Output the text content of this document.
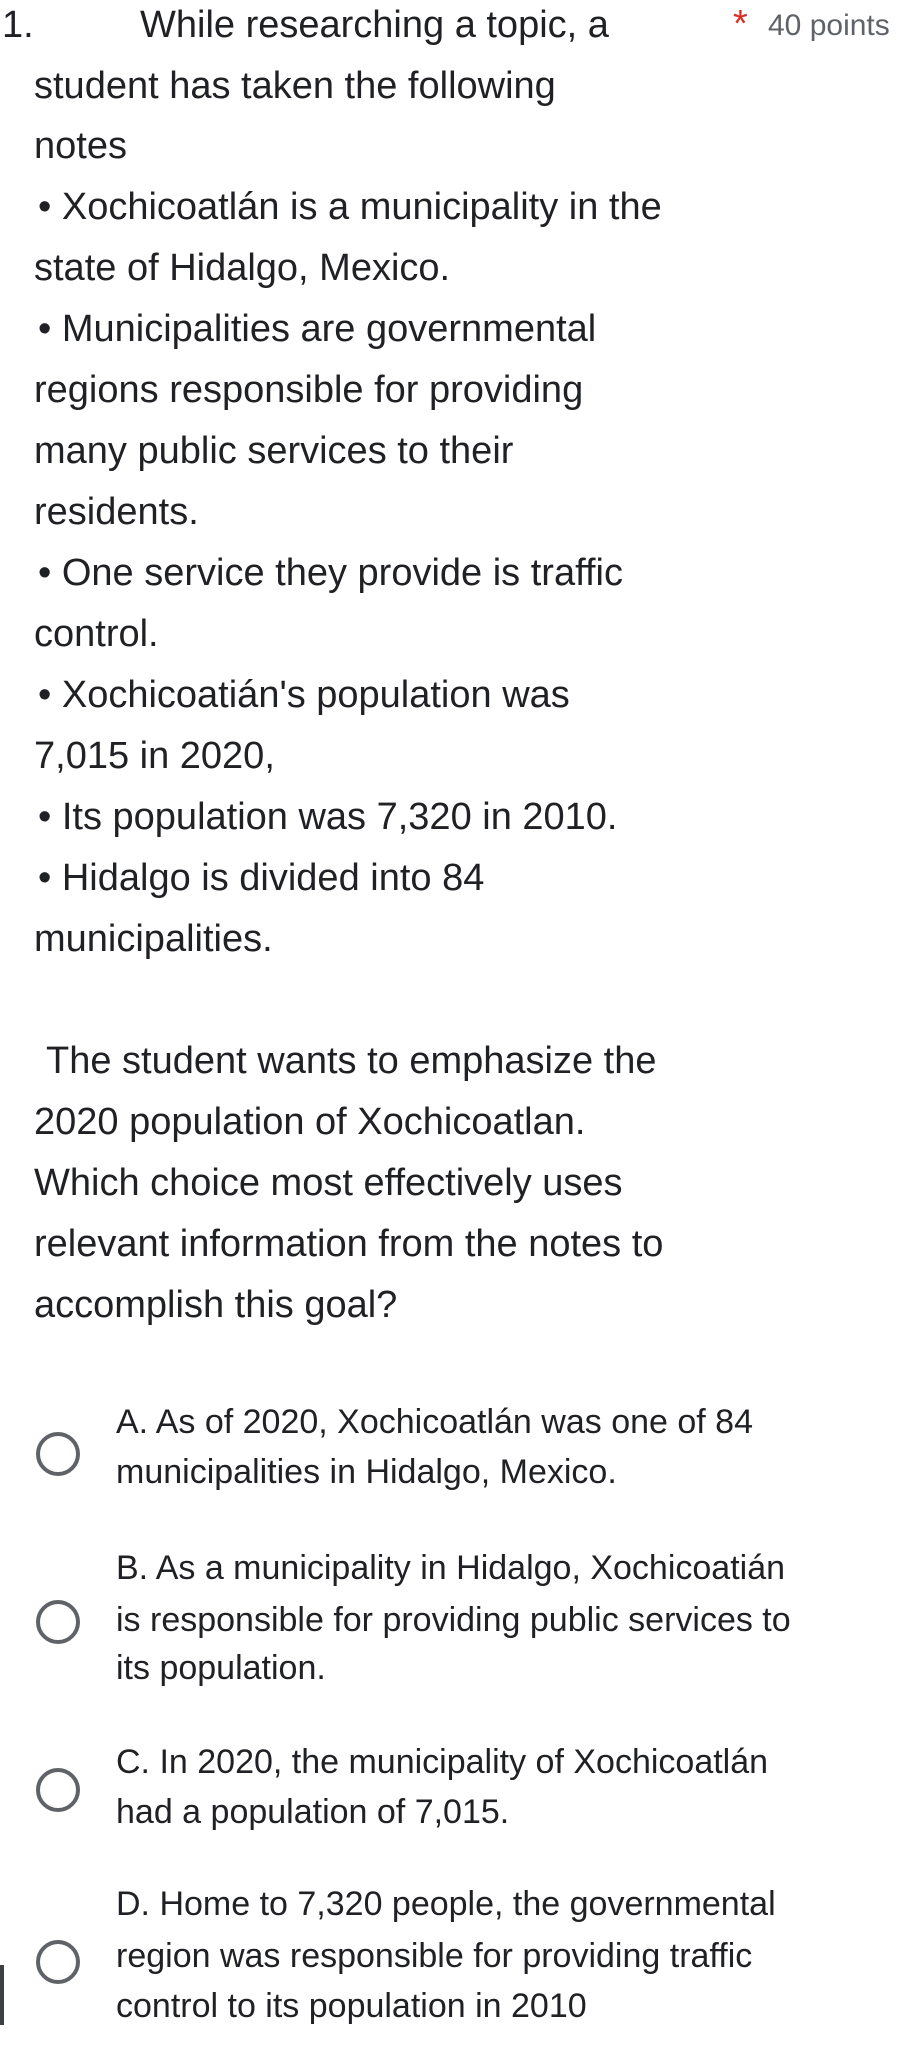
1.	While researching a topic, a	* 40 points
student has taken the following
notes
• Xochicoatlán is a municipality in the
state of Hidalgo, Mexico.
• Municipalities are governmental
regions responsible for providing
many public services to their
residents.
• One service they provide is traffic
control.
• Xochicoatián's population was
7,015 in 2020,
• Its population was 7,320 in 2010.
• Hidalgo is divided into 84
municipalities.
The student wants to emphasize the
2020 population of Xochicoatlan.
Which choice most effectively uses
relevant information from the notes to
accomplish this goal?
A. As of 2020, Xochicoatlán was one of 84
municipalities in Hidalgo, Mexico.
B. As a municipality in Hidalgo, Xochicoatián
is responsible for providing public services to
its population.
C. In 2020, the municipality of Xochicoatlán
had a population of 7,015.
D. Home to 7,320 people, the governmental
region was responsible for providing traffic
control to its population in 2010
